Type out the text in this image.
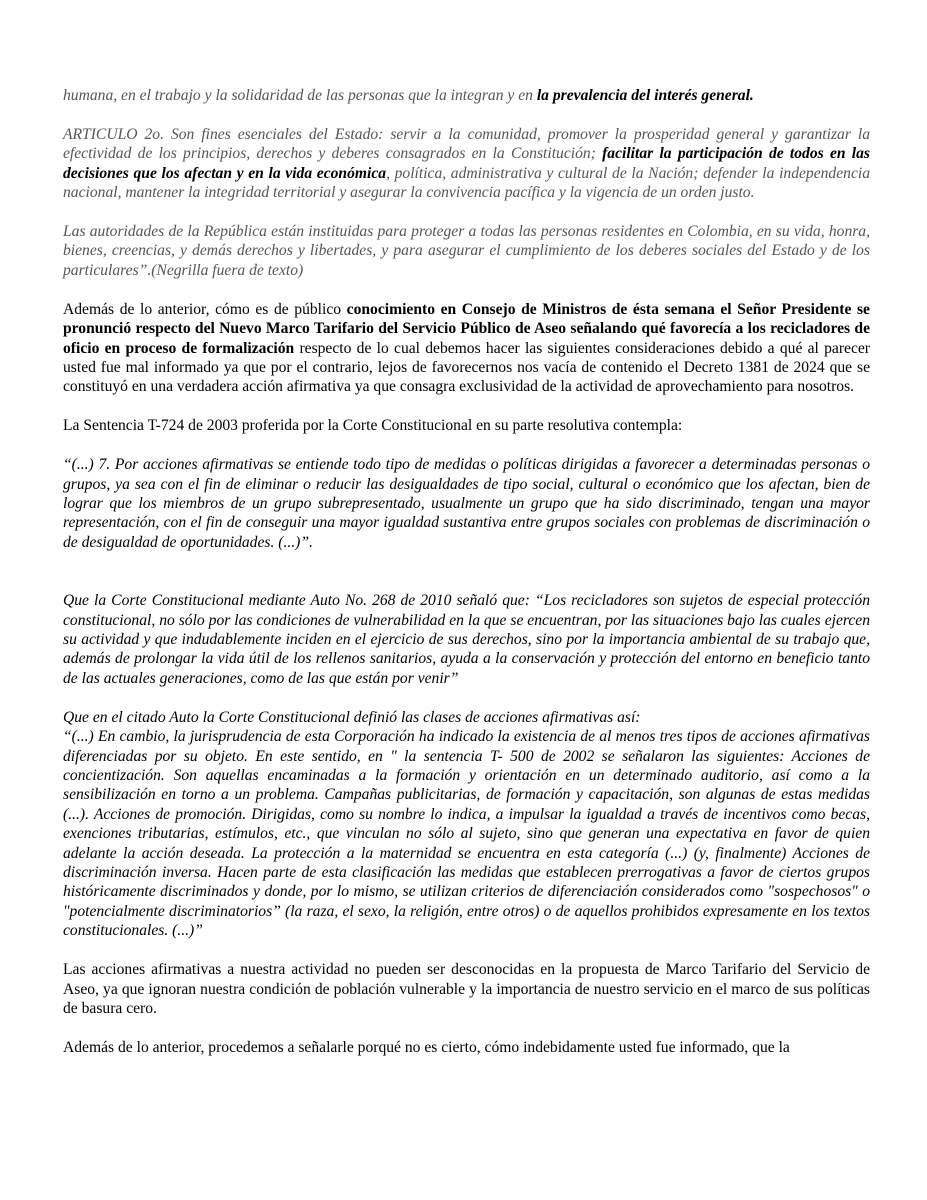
humana, en el trabajo y la solidaridad de las personas que la integran y en la prevalencia del interés general.

ARTICULO 2o. Son fines esenciales del Estado: servir a la comunidad, promover la prosperidad general y garantizar la efectividad de los principios, derechos y deberes consagrados en la Constitución; facilitar la participación de todos en las decisiones que los afectan y en la vida económica, política, administrativa y cultural de la Nación; defender la independencia nacional, mantener la integridad territorial y asegurar la convivencia pacífica y la vigencia de un orden justo.

Las autoridades de la República están instituidas para proteger a todas las personas residentes en Colombia, en su vida, honra, bienes, creencias, y demás derechos y libertades, y para asegurar el cumplimiento de los deberes sociales del Estado y de los particulares”.(Negrilla fuera de texto)

Además de lo anterior, cómo es de público conocimiento en Consejo de Ministros de ésta semana el Señor Presidente se pronunció respecto del Nuevo Marco Tarifario del Servicio Público de Aseo señalando qué favorecía a los recicladores de oficio en proceso de formalización respecto de lo cual debemos hacer las siguientes consideraciones debido a qué al parecer usted fue mal informado ya que por el contrario, lejos de favorecernos nos vacía de contenido el Decreto 1381 de 2024 que se constituyó en una verdadera acción afirmativa ya que consagra exclusividad de la actividad de aprovechamiento para nosotros.

La Sentencia T-724 de 2003 proferida por la Corte Constitucional en su parte resolutiva contempla:

“(...) 7. Por acciones afirmativas se entiende todo tipo de medidas o políticas dirigidas a favorecer a determinadas personas o grupos, ya sea con el fin de eliminar o reducir las desigualdades de tipo social, cultural o económico que los afectan, bien de lograr que los miembros de un grupo subrepresentado, usualmente un grupo que ha sido discriminado, tengan una mayor representación, con el fin de conseguir una mayor igualdad sustantiva entre grupos sociales con problemas de discriminación o de desigualdad de oportunidades. (...)”.

Que la Corte Constitucional mediante Auto No. 268 de 2010 señaló que: “Los recicladores son sujetos de especial protección constitucional, no sólo por las condiciones de vulnerabilidad en la que se encuentran, por las situaciones bajo las cuales ejercen su actividad y que indudablemente inciden en el ejercicio de sus derechos, sino por la importancia ambiental de su trabajo que, además de prolongar la vida útil de los rellenos sanitarios, ayuda a la conservación y protección del entorno en beneficio tanto de las actuales generaciones, como de las que están por venir”

Que en el citado Auto la Corte Constitucional definió las clases de acciones afirmativas así:

“(...) En cambio, la jurisprudencia de esta Corporación ha indicado la existencia de al menos tres tipos de acciones afirmativas diferenciadas por su objeto. En este sentido, en " la sentencia T- 500 de 2002 se señalaron las siguientes: Acciones de concientización. Son aquellas encaminadas a la formación y orientación en un determinado auditorio, así como a la sensibilización en torno a un problema. Campañas publicitarias, de formación y capacitación, son algunas de estas medidas (...). Acciones de promoción. Dirigidas, como su nombre lo indica, a impulsar la igualdad a través de incentivos como becas, exenciones tributarias, estímulos, etc., que vinculan no sólo al sujeto, sino que generan una expectativa en favor de quien adelante la acción deseada. La protección a la maternidad se encuentra en esta categoría (...) (y, finalmente) Acciones de discriminación inversa. Hacen parte de esta clasificación las medidas que establecen prerrogativas a favor de ciertos grupos históricamente discriminados y donde, por lo mismo, se utilizan criterios de diferenciación considerados como "sospechosos" o "potencialmente discriminatorios” (la raza, el sexo, la religión, entre otros) o de aquellos prohibidos expresamente en los textos constitucionales. (...)”

Las acciones afirmativas a nuestra actividad no pueden ser desconocidas en la propuesta de Marco Tarifario del Servicio de Aseo, ya que ignoran nuestra condición de población vulnerable y la importancia de nuestro servicio en el marco de sus políticas de basura cero.

Además de lo anterior, procedemos a señalarle porqué no es cierto, cómo indebidamente usted fue informado, que la
